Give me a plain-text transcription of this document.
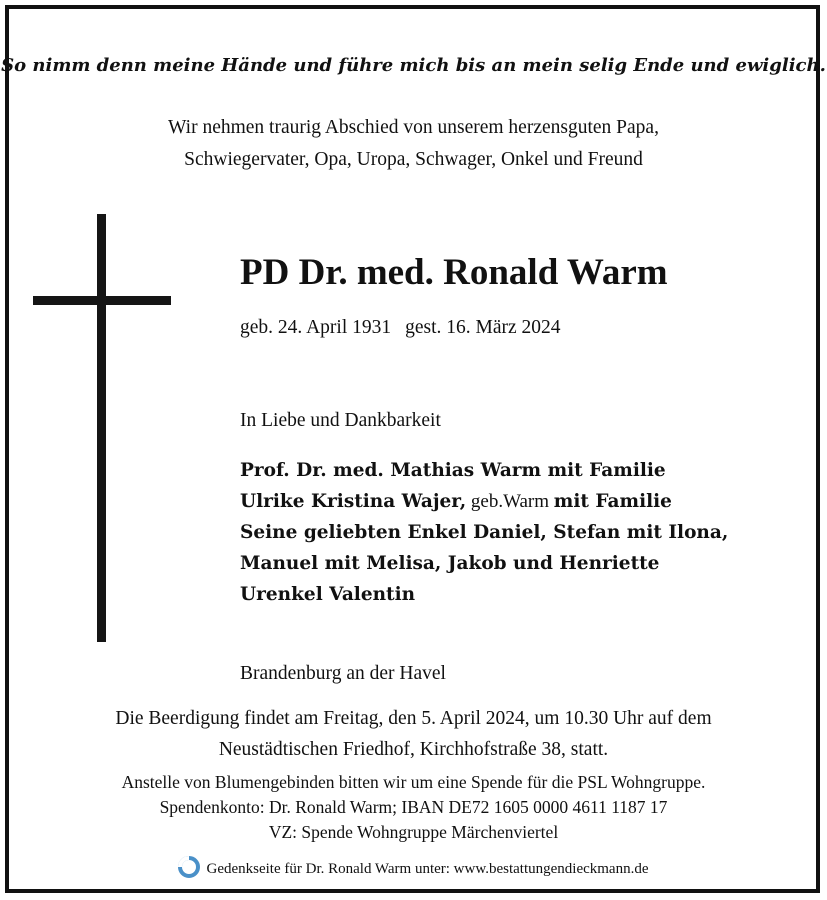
So nimm denn meine Hände und führe mich bis an mein selig Ende und ewiglich.
Wir nehmen traurig Abschied von unserem herzensguten Papa,
Schwiegervater, Opa, Uropa, Schwager, Onkel und Freund
PD Dr. med. Ronald Warm
geb. 24. April 1931 gest. 16. März 2024
In Liebe und Dankbarkeit
Prof. Dr. med. Mathias Warm mit Familie
Ulrike Kristina Wajer, geb.Warm mit Familie
Seine geliebten Enkel Daniel, Stefan mit Ilona,
Manuel mit Melisa, Jakob und Henriette
Urenkel Valentin
Brandenburg an der Havel
Die Beerdigung findet am Freitag, den 5. April 2024, um 10.30 Uhr auf dem
Neustädtischen Friedhof, Kirchhofstraße 38, statt.
Anstelle von Blumengebinden bitten wir um eine Spende für die PSL Wohngruppe.
Spendenkonto: Dr. Ronald Warm; IBAN DE72 1605 0000 4611 1187 17
VZ: Spende Wohngruppe Märchenviertel
Gedenkseite für Dr. Ronald Warm unter: www.bestattungendieckmann.de
